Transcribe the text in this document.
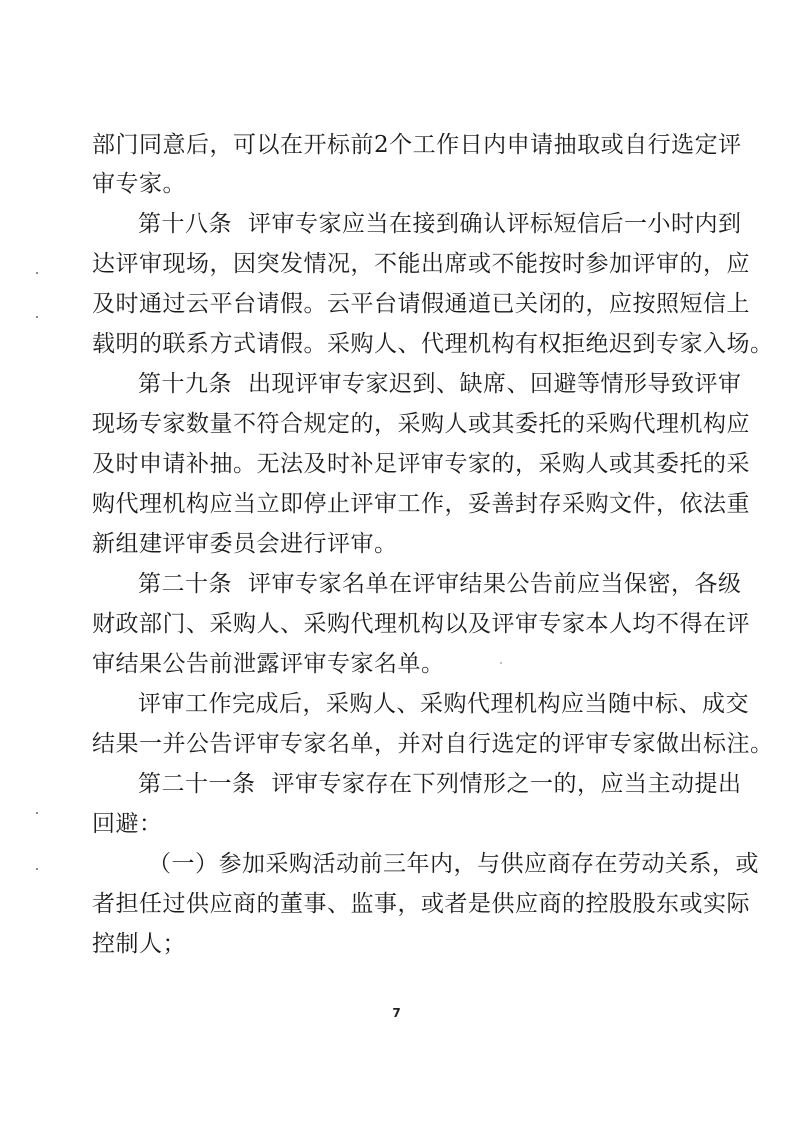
部门同意后，可以在开标前2个工作日内申请抽取或自行选定评
审专家。
第十八条 评审专家应当在接到确认评标短信后一小时内到
达评审现场，因突发情况，不能出席或不能按时参加评审的，应
及时通过云平台请假。云平台请假通道已关闭的，应按照短信上
载明的联系方式请假。采购人、代理机构有权拒绝迟到专家入场。
第十九条 出现评审专家迟到、缺席、回避等情形导致评审
现场专家数量不符合规定的，采购人或其委托的采购代理机构应
及时申请补抽。无法及时补足评审专家的，采购人或其委托的采
购代理机构应当立即停止评审工作，妥善封存采购文件，依法重
新组建评审委员会进行评审。
第二十条 评审专家名单在评审结果公告前应当保密，各级
财政部门、采购人、采购代理机构以及评审专家本人均不得在评
审结果公告前泄露评审专家名单。
评审工作完成后，采购人、采购代理机构应当随中标、成交
结果一并公告评审专家名单，并对自行选定的评审专家做出标注。
第二十一条 评审专家存在下列情形之一的，应当主动提出
回避：
（一）参加采购活动前三年内，与供应商存在劳动关系，或
者担任过供应商的董事、监事，或者是供应商的控股股东或实际
控制人；
7
